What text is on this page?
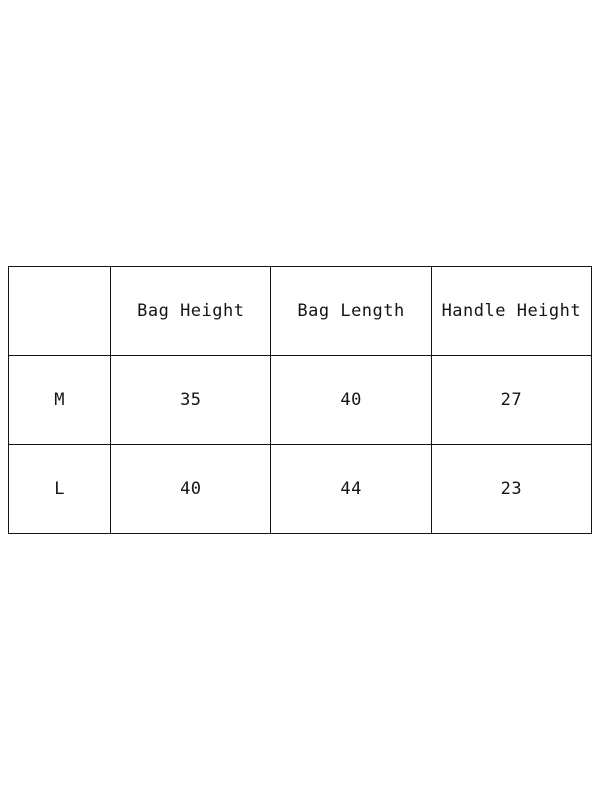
	Bag Height	Bag Length	Handle Height
M	35	40	27
L	40	44	23
